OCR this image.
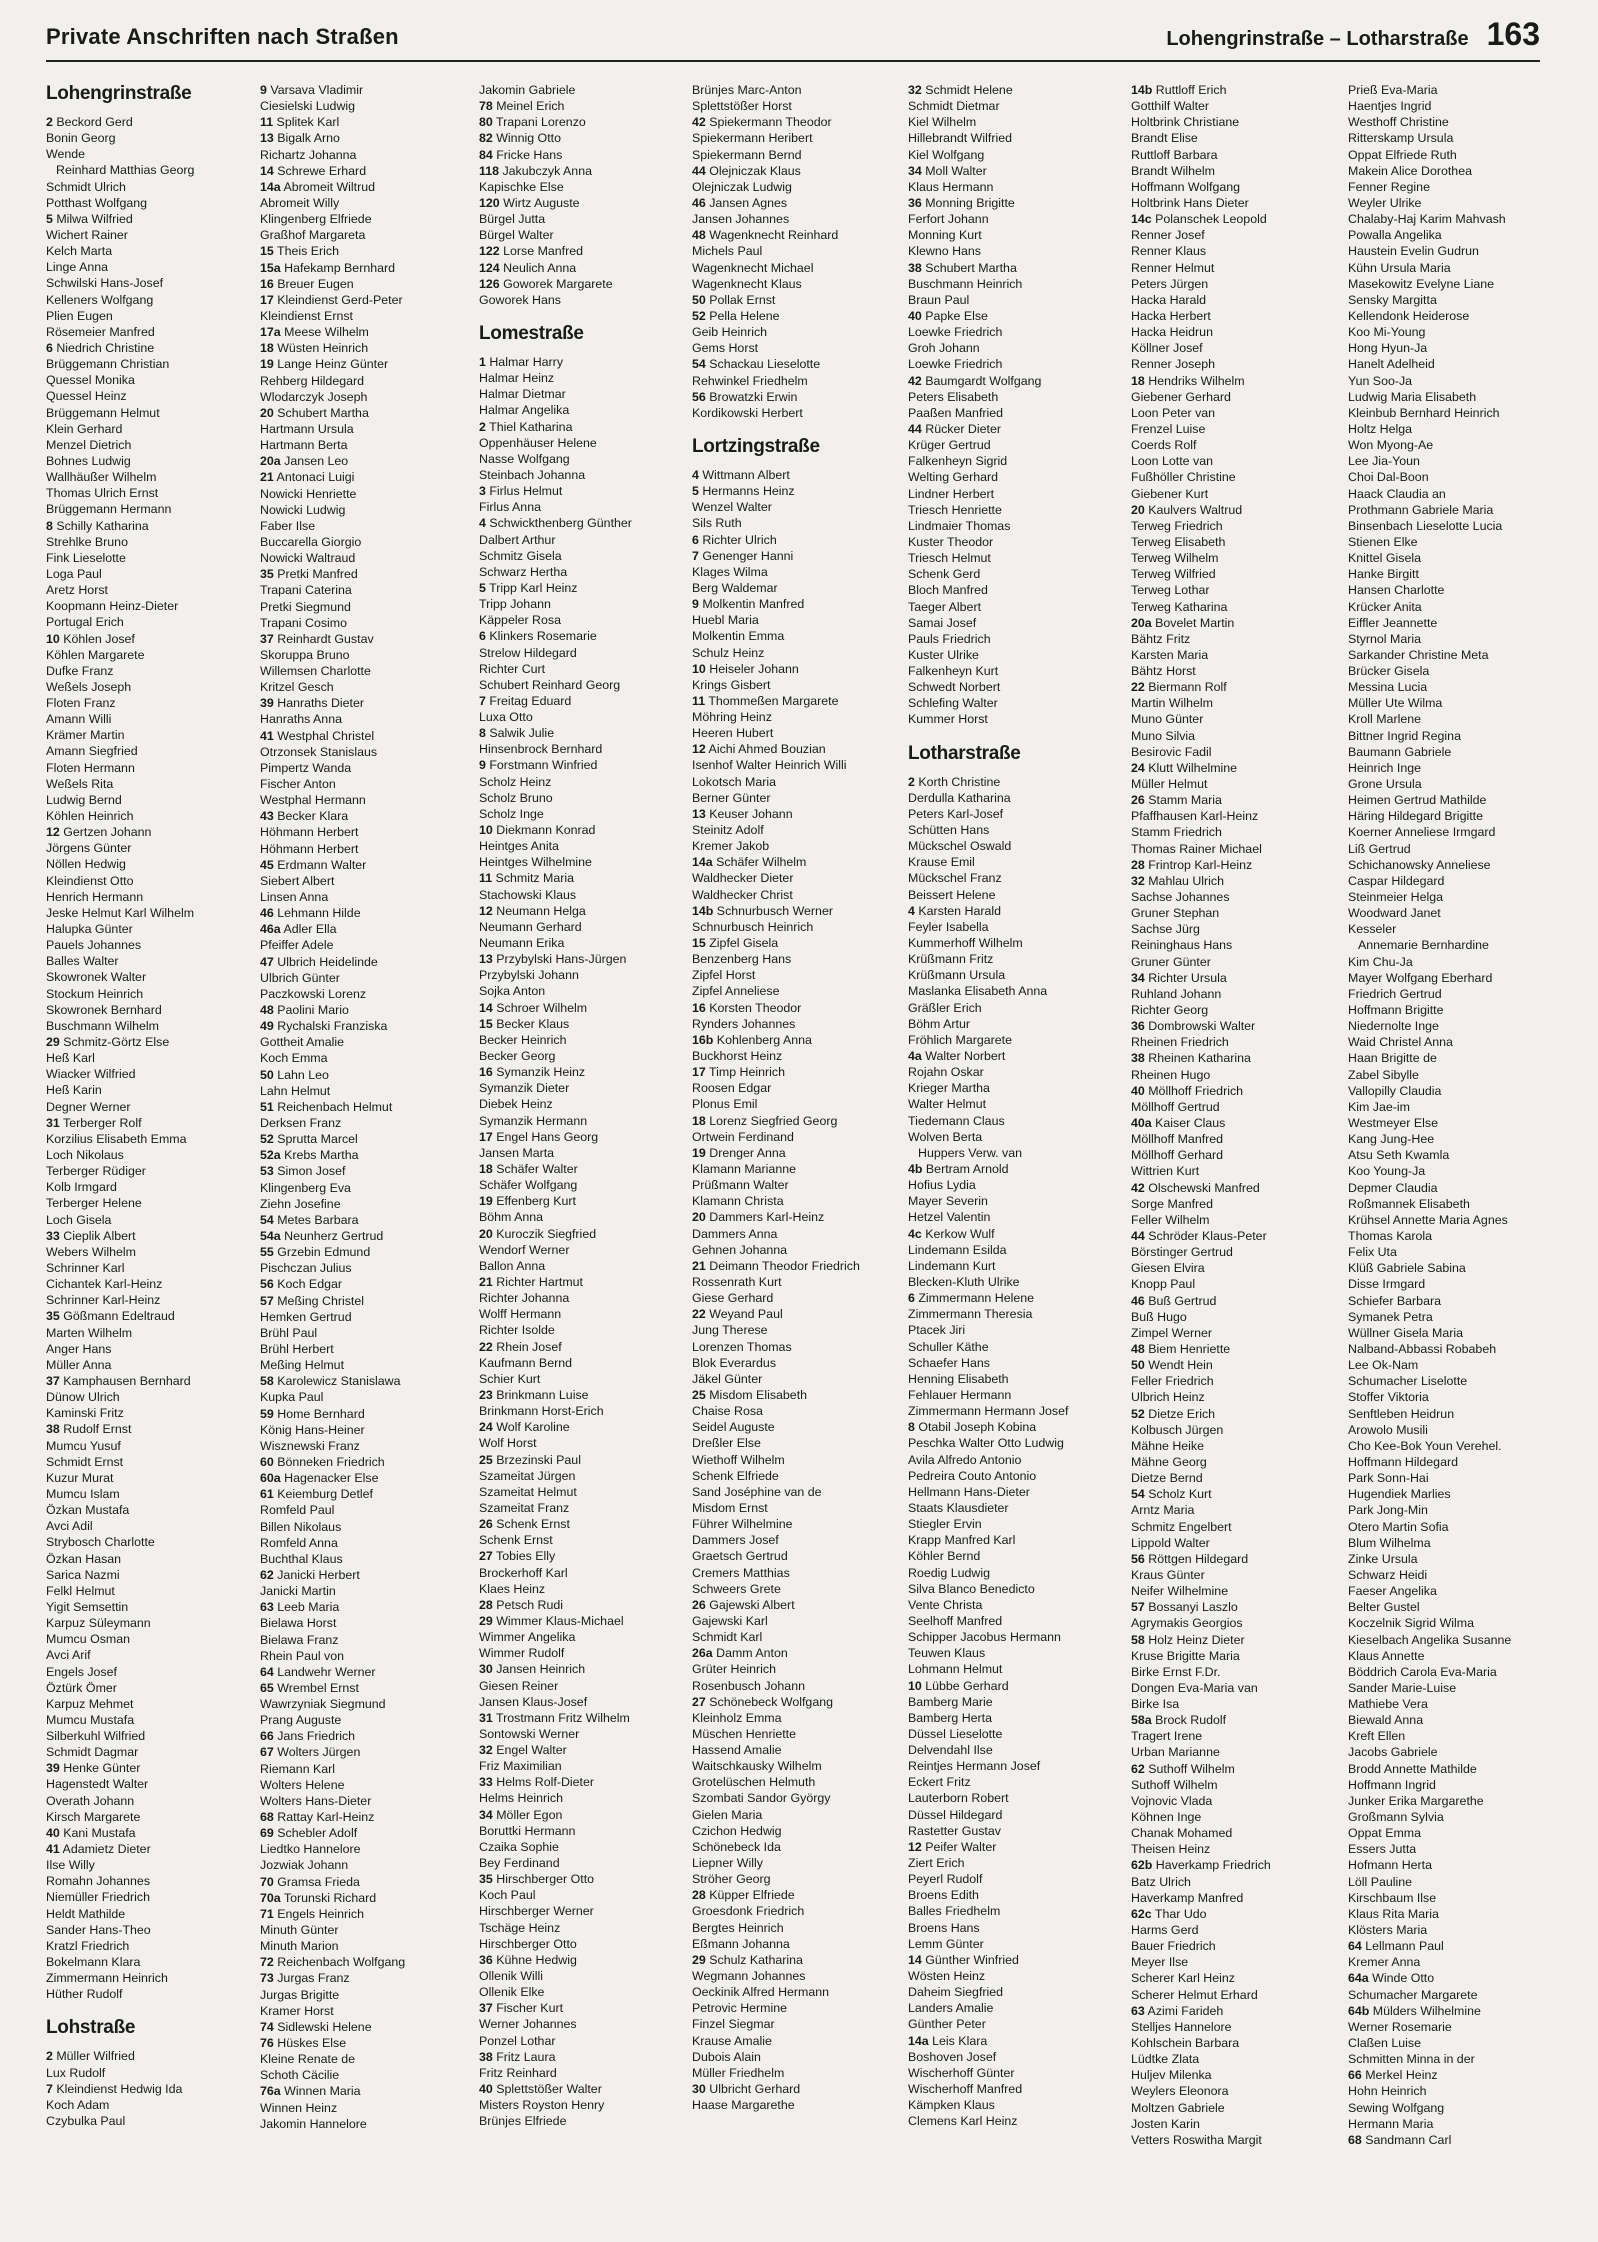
Private Anschriften nach Straßen	Lohengrinstraße – Lotharstraße 163
Lohengrinstraße
2 Beckord Gerd
Bonin Georg
Wende
Reinhard Matthias Georg
Schmidt Ulrich
Potthast Wolfgang
5 Milwa Wilfried
Wichert Rainer
Kelch Marta
Linge Anna
Schwilski Hans-Josef
Kelleners Wolfgang
Plien Eugen
Rösemeier Manfred
6 Niedrich Christine
Brüggemann Christian
Quessel Monika
Quessel Heinz
Brüggemann Helmut
Klein Gerhard
Menzel Dietrich
Bohnes Ludwig
Wallhäußer Wilhelm
Thomas Ulrich Ernst
Brüggemann Hermann
8 Schilly Katharina
Strehlke Bruno
Fink Lieselotte
Loga Paul
Aretz Horst
Koopmann Heinz-Dieter
Portugal Erich
10 Köhlen Josef
Köhlen Margarete
Dufke Franz
Weßels Joseph
Floten Franz
Amann Willi
Krämer Martin
Amann Siegfried
Floten Hermann
Weßels Rita
Ludwig Bernd
Köhlen Heinrich
12 Gertzen Johann
Jörgens Günter
Nöllen Hedwig
Kleindienst Otto
Henrich Hermann
Jeske Helmut Karl Wilhelm
Halupka Günter
Pauels Johannes
Balles Walter
Skowronek Walter
Stockum Heinrich
Skowronek Bernhard
Buschmann Wilhelm
29 Schmitz-Görtz Else
Heß Karl
Wiacker Wilfried
Heß Karin
Degner Werner
31 Terberger Rolf
Korzilius Elisabeth Emma
Loch Nikolaus
Terberger Rüdiger
Kolb Irmgard
Terberger Helene
Loch Gisela
33 Cieplik Albert
Webers Wilhelm
Schrinner Karl
Cichantek Karl-Heinz
Schrinner Karl-Heinz
35 Gößmann Edeltraud
Marten Wilhelm
Anger Hans
Müller Anna
37 Kamphausen Bernhard
Dünow Ulrich
Kaminski Fritz
38 Rudolf Ernst
Mumcu Yusuf
Schmidt Ernst
Kuzur Murat
Mumcu Islam
Özkan Mustafa
Avci Adil
Strybosch Charlotte
Özkan Hasan
Sarica Nazmi
Felkl Helmut
Yigit Semsettin
Karpuz Süleymann
Mumcu Osman
Avci Arif
Engels Josef
Öztürk Ömer
Karpuz Mehmet
Mumcu Mustafa
Silberkuhl Wilfried
Schmidt Dagmar
39 Henke Günter
Hagenstedt Walter
Overath Johann
Kirsch Margarete
40 Kani Mustafa
41 Adamietz Dieter
Ilse Willy
Romahn Johannes
Niemüller Friedrich
Heldt Mathilde
Sander Hans-Theo
Kratzl Friedrich
Bokelmann Klara
Zimmermann Heinrich
Hüther Rudolf
Lohstraße
2 Müller Wilfried
Lux Rudolf
7 Kleindienst Hedwig Ida
Koch Adam
Czybulka Paul
9 Varsava Vladimir
Ciesielski Ludwig
11 Splitek Karl
13 Bigalk Arno
Richartz Johanna
14 Schrewe Erhard
14a Abromeit Wiltrud
Abromeit Willy
Klingenberg Elfriede
Graßhof Margareta
15 Theis Erich
15a Hafekamp Bernhard
16 Breuer Eugen
17 Kleindienst Gerd-Peter
Kleindienst Ernst
17a Meese Wilhelm
18 Wüsten Heinrich
19 Lange Heinz Günter
Rehberg Hildegard
Wlodarczyk Joseph
20 Schubert Martha
Hartmann Ursula
Hartmann Berta
20a Jansen Leo
21 Antonaci Luigi
Nowicki Henriette
Nowicki Ludwig
Faber Ilse
Buccarella Giorgio
Nowicki Waltraud
35 Pretki Manfred
Trapani Caterina
Pretki Siegmund
Trapani Cosimo
37 Reinhardt Gustav
Skoruppa Bruno
Willemsen Charlotte
Kritzel Gesch
39 Hanraths Dieter
Hanraths Anna
41 Westphal Christel
Otrzonsek Stanislaus
Pimpertz Wanda
Fischer Anton
Westphal Hermann
43 Becker Klara
Höhmann Herbert
Höhmann Herbert
45 Erdmann Walter
Siebert Albert
Linsen Anna
46 Lehmann Hilde
46a Adler Ella
Pfeiffer Adele
47 Ulbrich Heidelinde
Ulbrich Günter
Paczkowski Lorenz
48 Paolini Mario
49 Rychalski Franziska
Gottheit Amalie
Koch Emma
50 Lahn Leo
Lahn Helmut
51 Reichenbach Helmut
Derksen Franz
52 Sprutta Marcel
52a Krebs Martha
53 Simon Josef
Klingenberg Eva
Ziehn Josefine
54 Metes Barbara
54a Neunherz Gertrud
55 Grzebin Edmund
Pischczan Julius
56 Koch Edgar
57 Meßing Christel
Hemken Gertrud
Brühl Paul
Brühl Herbert
Meßing Helmut
58 Karolewicz Stanislawa
Kupka Paul
59 Home Bernhard
König Hans-Heiner
Wisznewski Franz
60 Bönneken Friedrich
60a Hagenacker Else
61 Keiemburg Detlef
Romfeld Paul
Billen Nikolaus
Romfeld Anna
Buchthal Klaus
62 Janicki Herbert
Janicki Martin
63 Leeb Maria
Bielawa Horst
Bielawa Franz
Rhein Paul von
64 Landwehr Werner
65 Wrembel Ernst
Wawrzyniak Siegmund
Prang Auguste
66 Jans Friedrich
67 Wolters Jürgen
Riemann Karl
Wolters Helene
Wolters Hans-Dieter
68 Rattay Karl-Heinz
69 Schebler Adolf
Liedtko Hannelore
Jozwiak Johann
70 Gramsa Frieda
70a Torunski Richard
71 Engels Heinrich
Minuth Günter
Minuth Marion
72 Reichenbach Wolfgang
73 Jurgas Franz
Jurgas Brigitte
Kramer Horst
74 Sidlewski Helene
76 Hüskes Else
Kleine Renate de
Schoth Cäcilie
76a Winnen Maria
Winnen Heinz
Jakomin Hannelore
Jakomin Gabriele
78 Meinel Erich
80 Trapani Lorenzo
82 Winnig Otto
84 Fricke Hans
118 Jakubczyk Anna
Kapischke Else
120 Wirtz Auguste
Bürgel Jutta
Bürgel Walter
122 Lorse Manfred
124 Neulich Anna
126 Goworek Margarete
Goworek Hans
Lomestraße
1 Halmar Harry
Halmar Heinz
Halmar Dietmar
Halmar Angelika
2 Thiel Katharina
Oppenhäuser Helene
Nasse Wolfgang
Steinbach Johanna
3 Firlus Helmut
Firlus Anna
4 Schwickthenberg Günther
Dalbert Arthur
Schmitz Gisela
Schwarz Hertha
5 Tripp Karl Heinz
Tripp Johann
Käppeler Rosa
6 Klinkers Rosemarie
Strelow Hildegard
Richter Curt
Schubert Reinhard Georg
7 Freitag Eduard
Luxa Otto
8 Salwik Julie
Hinsenbrock Bernhard
9 Forstmann Winfried
Scholz Heinz
Scholz Bruno
Scholz Inge
10 Diekmann Konrad
Heintges Anita
Heintges Wilhelmine
11 Schmitz Maria
Stachowski Klaus
12 Neumann Helga
Neumann Gerhard
Neumann Erika
13 Przybylski Hans-Jürgen
Przybylski Johann
Sojka Anton
14 Schroer Wilhelm
15 Becker Klaus
Becker Heinrich
Becker Georg
16 Symanzik Heinz
Symanzik Dieter
Diebek Heinz
Symanzik Hermann
17 Engel Hans Georg
Jansen Marta
18 Schäfer Walter
Schäfer Wolfgang
19 Effenberg Kurt
Böhm Anna
20 Kuroczik Siegfried
Wendorf Werner
Ballon Anna
21 Richter Hartmut
Richter Johanna
Wolff Hermann
Richter Isolde
22 Rhein Josef
Kaufmann Bernd
Schier Kurt
23 Brinkmann Luise
Brinkmann Horst-Erich
24 Wolf Karoline
Wolf Horst
25 Brzezinski Paul
Szameitat Jürgen
Szameitat Helmut
Szameitat Franz
26 Schenk Ernst
Schenk Ernst
27 Tobies Elly
Brockerhoff Karl
Klaes Heinz
28 Petsch Rudi
29 Wimmer Klaus-Michael
Wimmer Angelika
Wimmer Rudolf
30 Jansen Heinrich
Giesen Reiner
Jansen Klaus-Josef
31 Trostmann Fritz Wilhelm
Sontowski Werner
32 Engel Walter
Friz Maximilian
33 Helms Rolf-Dieter
Helms Heinrich
34 Möller Egon
Boruttki Hermann
Czaika Sophie
Bey Ferdinand
35 Hirschberger Otto
Koch Paul
Hirschberger Werner
Tschäge Heinz
Hirschberger Otto
36 Kühne Hedwig
Ollenik Willi
Ollenik Elke
37 Fischer Kurt
Werner Johannes
Ponzel Lothar
38 Fritz Laura
Fritz Reinhard
40 Splettstößer Walter
Misters Royston Henry
Brünjes Elfriede
Brünjes Marc-Anton
Splettstößer Horst
42 Spiekermann Theodor
Spiekermann Heribert
Spiekermann Bernd
44 Olejniczak Klaus
Olejniczak Ludwig
46 Jansen Agnes
Jansen Johannes
48 Wagenknecht Reinhard
Michels Paul
Wagenknecht Michael
Wagenknecht Klaus
50 Pollak Ernst
52 Pella Helene
Geib Heinrich
Gems Horst
54 Schackau Lieselotte
Rehwinkel Friedhelm
56 Browatzki Erwin
Kordikowski Herbert
Lortzingstraße
4 Wittmann Albert
5 Hermanns Heinz
Wenzel Walter
Sils Ruth
6 Richter Ulrich
7 Genenger Hanni
Klages Wilma
Berg Waldemar
9 Molkentin Manfred
Huebl Maria
Molkentin Emma
Schulz Heinz
10 Heiseler Johann
Krings Gisbert
11 Thommeßen Margarete
Möhring Heinz
Heeren Hubert
12 Aichi Ahmed Bouzian
Isenhof Walter Heinrich Willi
Lokotsch Maria
Berner Günter
13 Keuser Johann
Steinitz Adolf
Kremer Jakob
14a Schäfer Wilhelm
Waldhecker Dieter
Waldhecker Christ
14b Schnurbusch Werner
Schnurbusch Heinrich
15 Zipfel Gisela
Benzenberg Hans
Zipfel Horst
Zipfel Anneliese
16 Korsten Theodor
Rynders Johannes
16b Kohlenberg Anna
Buckhorst Heinz
17 Timp Heinrich
Roosen Edgar
Plonus Emil
18 Lorenz Siegfried Georg
Ortwein Ferdinand
19 Drenger Anna
Klamann Marianne
Prüßmann Walter
Klamann Christa
20 Dammers Karl-Heinz
Dammers Anna
Gehnen Johanna
21 Deimann Theodor Friedrich
Rossenrath Kurt
Giese Gerhard
22 Weyand Paul
Jung Therese
Lorenzen Thomas
Blok Everardus
Jäkel Günter
25 Misdom Elisabeth
Chaise Rosa
Seidel Auguste
Dreßler Else
Wiethoff Wilhelm
Schenk Elfriede
Sand Joséphine van de
Misdom Ernst
Führer Wilhelmine
Dammers Josef
Graetsch Gertrud
Cremers Matthias
Schweers Grete
26 Gajewski Albert
Gajewski Karl
Schmidt Karl
26a Damm Anton
Grüter Heinrich
Rosenbusch Johann
27 Schönebeck Wolfgang
Kleinholz Emma
Müschen Henriette
Hassend Amalie
Waitschkausky Wilhelm
Grotelüschen Helmuth
Szombati Sandor György
Gielen Maria
Czichon Hedwig
Schönebeck Ida
Liepner Willy
Ströher Georg
28 Küpper Elfriede
Groesdonk Friedrich
Bergtes Heinrich
Eßmann Johanna
29 Schulz Katharina
Wegmann Johannes
Oeckinik Alfred Hermann
Petrovic Hermine
Finzel Siegmar
Krause Amalie
Dubois Alain
Müller Friedhelm
30 Ulbricht Gerhard
Haase Margarethe
32 Schmidt Helene
Schmidt Dietmar
Kiel Wilhelm
Hillebrandt Wilfried
Kiel Wolfgang
34 Moll Walter
Klaus Hermann
36 Monning Brigitte
Ferfort Johann
Monning Kurt
Klewno Hans
38 Schubert Martha
Buschmann Heinrich
Braun Paul
40 Papke Else
Loewke Friedrich
Groh Johann
Loewke Friedrich
42 Baumgardt Wolfgang
Peters Elisabeth
Paaßen Manfried
44 Rücker Dieter
Krüger Gertrud
Falkenheyn Sigrid
Welting Gerhard
Lindner Herbert
Triesch Henriette
Lindmaier Thomas
Kuster Theodor
Triesch Helmut
Schenk Gerd
Bloch Manfred
Taeger Albert
Samai Josef
Pauls Friedrich
Kuster Ulrike
Falkenheyn Kurt
Schwedt Norbert
Schlefing Walter
Kummer Horst
Lotharstraße
2 Korth Christine
Derdulla Katharina
Peters Karl-Josef
Schütten Hans
Mückschel Oswald
Krause Emil
Mückschel Franz
Beissert Helene
4 Karsten Harald
Feyler Isabella
Kummerhoff Wilhelm
Krüßmann Fritz
Krüßmann Ursula
Maslanka Elisabeth Anna
Gräßler Erich
Böhm Artur
Fröhlich Margarete
4a Walter Norbert
Rojahn Oskar
Krieger Martha
Walter Helmut
Tiedemann Claus
Wolven Berta
Huppers Verw. van
4b Bertram Arnold
Hofius Lydia
Mayer Severin
Hetzel Valentin
4c Kerkow Wulf
Lindemann Esilda
Lindemann Kurt
Blecken-Kluth Ulrike
6 Zimmermann Helene
Zimmermann Theresia
Ptacek Jiri
Schuller Käthe
Schaefer Hans
Henning Elisabeth
Fehlauer Hermann
Zimmermann Hermann Josef
8 Otabil Joseph Kobina
Peschka Walter Otto Ludwig
Avila Alfredo Antonio
Pedreira Couto Antonio
Hellmann Hans-Dieter
Staats Klausdieter
Stiegler Ervin
Krapp Manfred Karl
Köhler Bernd
Roedig Ludwig
Silva Blanco Benedicto
Vente Christa
Seelhoff Manfred
Schipper Jacobus Hermann
Teuwen Klaus
Lohmann Helmut
10 Lübbe Gerhard
Bamberg Marie
Bamberg Herta
Düssel Lieselotte
Delvendahl Ilse
Reintjes Hermann Josef
Eckert Fritz
Lauterborn Robert
Düssel Hildegard
Rastetter Gustav
12 Peifer Walter
Ziert Erich
Peyerl Rudolf
Broens Edith
Balles Friedhelm
Broens Hans
Lemm Günter
14 Günther Winfried
Wösten Heinz
Daheim Siegfried
Landers Amalie
Günther Peter
14a Leis Klara
Boshoven Josef
Wischerhoff Günter
Wischerhoff Manfred
Kämpken Klaus
Clemens Karl Heinz
14b Ruttloff Erich
Gotthilf Walter
Holtbrink Christiane
Brandt Elise
Ruttloff Barbara
Brandt Wilhelm
Hoffmann Wolfgang
Holtbrink Hans Dieter
14c Polanschek Leopold
Renner Josef
Renner Klaus
Renner Helmut
Peters Jürgen
Hacka Harald
Hacka Herbert
Hacka Heidrun
Köllner Josef
Renner Joseph
18 Hendriks Wilhelm
Giebener Gerhard
Loon Peter van
Frenzel Luise
Coerds Rolf
Loon Lotte van
Fußhöller Christine
Giebener Kurt
20 Kaulvers Waltrud
Terweg Friedrich
Terweg Elisabeth
Terweg Wilhelm
Terweg Wilfried
Terweg Lothar
Terweg Katharina
20a Bovelet Martin
Bähtz Fritz
Karsten Maria
Bähtz Horst
22 Biermann Rolf
Martin Wilhelm
Muno Günter
Muno Silvia
Besirovic Fadil
24 Klutt Wilhelmine
Müller Helmut
26 Stamm Maria
Pfaffhausen Karl-Heinz
Stamm Friedrich
Thomas Rainer Michael
28 Frintrop Karl-Heinz
32 Mahlau Ulrich
Sachse Johannes
Gruner Stephan
Sachse Jürg
Reininghaus Hans
Gruner Günter
34 Richter Ursula
Ruhland Johann
Richter Georg
36 Dombrowski Walter
Rheinen Friedrich
38 Rheinen Katharina
Rheinen Hugo
40 Möllhoff Friedrich
Möllhoff Gertrud
40a Kaiser Claus
Möllhoff Manfred
Möllhoff Gerhard
Wittrien Kurt
42 Olschewski Manfred
Sorge Manfred
Feller Wilhelm
44 Schröder Klaus-Peter
Börstinger Gertrud
Giesen Elvira
Knopp Paul
46 Buß Gertrud
Buß Hugo
Zimpel Werner
48 Biem Henriette
50 Wendt Hein
Feller Friedrich
Ulbrich Heinz
52 Dietze Erich
Kolbusch Jürgen
Mähne Heike
Mähne Georg
Dietze Bernd
54 Scholz Kurt
Arntz Maria
Schmitz Engelbert
Lippold Walter
56 Röttgen Hildegard
Kraus Günter
Neifer Wilhelmine
57 Bossanyi Laszlo
Agrymakis Georgios
58 Holz Heinz Dieter
Kruse Brigitte Maria
Birke Ernst F.Dr.
Dongen Eva-Maria van
Birke Isa
58a Brock Rudolf
Tragert Irene
Urban Marianne
62 Suthoff Wilhelm
Suthoff Wilhelm
Vojnovic Vlada
Köhnen Inge
Chanak Mohamed
Theisen Heinz
62b Haverkamp Friedrich
Batz Ulrich
Haverkamp Manfred
62c Thar Udo
Harms Gerd
Bauer Friedrich
Meyer Ilse
Scherer Karl Heinz
Scherer Helmut Erhard
63 Azimi Farideh
Stelljes Hannelore
Kohlschein Barbara
Lüdtke Zlata
Huljev Milenka
Weylers Eleonora
Moltzen Gabriele
Josten Karin
Vetters Roswitha Margit
Prieß Eva-Maria
Haentjes Ingrid
Westhoff Christine
Ritterskamp Ursula
Oppat Elfriede Ruth
Makein Alice Dorothea
Fenner Regine
Weyler Ulrike
Chalaby-Haj Karim Mahvash
Powalla Angelika
Haustein Evelin Gudrun
Kühn Ursula Maria
Masekowitz Evelyne Liane
Sensky Margitta
Kellendonk Heiderose
Koo Mi-Young
Hong Hyun-Ja
Hanelt Adelheid
Yun Soo-Ja
Ludwig Maria Elisabeth
Kleinbub Bernhard Heinrich
Holtz Helga
Won Myong-Ae
Lee Jia-Youn
Choi Dal-Boon
Haack Claudia an
Prothmann Gabriele Maria
Binsenbach Lieselotte Lucia
Stienen Elke
Knittel Gisela
Hanke Birgitt
Hansen Charlotte
Krücker Anita
Eiffler Jeannette
Styrnol Maria
Sarkander Christine Meta
Brücker Gisela
Messina Lucia
Müller Ute Wilma
Kroll Marlene
Bittner Ingrid Regina
Baumann Gabriele
Heinrich Inge
Grone Ursula
Heimen Gertrud Mathilde
Häring Hildegard Brigitte
Koerner Anneliese Irmgard
Liß Gertrud
Schichanowsky Anneliese
Caspar Hildegard
Steinmeier Helga
Woodward Janet
Kesseler
Annemarie Bernhardine
Kim Chu-Ja
Mayer Wolfgang Eberhard
Friedrich Gertrud
Hoffmann Brigitte
Niedernolte Inge
Waid Christel Anna
Haan Brigitte de
Zabel Sibylle
Vallopilly Claudia
Kim Jae-im
Westmeyer Else
Kang Jung-Hee
Atsu Seth Kwamla
Koo Young-Ja
Depmer Claudia
Roßmannek Elisabeth
Krühsel Annette Maria Agnes
Thomas Karola
Felix Uta
Klüß Gabriele Sabina
Disse Irmgard
Schiefer Barbara
Symanek Petra
Wüllner Gisela Maria
Nalband-Abbassi Robabeh
Lee Ok-Nam
Schumacher Liselotte
Stoffer Viktoria
Senftleben Heidrun
Arowolo Musili
Cho Kee-Bok Youn Verehel.
Hoffmann Hildegard
Park Sonn-Hai
Hugendiek Marlies
Park Jong-Min
Otero Martin Sofia
Blum Wilhelma
Zinke Ursula
Schwarz Heidi
Faeser Angelika
Belter Gustel
Koczelnik Sigrid Wilma
Kieselbach Angelika Susanne
Klaus Annette
Böddrich Carola Eva-Maria
Sander Marie-Luise
Mathiebe Vera
Biewald Anna
Kreft Ellen
Jacobs Gabriele
Brodd Annette Mathilde
Hoffmann Ingrid
Junker Erika Margarethe
Großmann Sylvia
Oppat Emma
Essers Jutta
Hofmann Herta
Löll Pauline
Kirschbaum Ilse
Klaus Rita Maria
Klösters Maria
64 Lellmann Paul
Kremer Anna
64a Winde Otto
Schumacher Margarete
64b Mülders Wilhelmine
Werner Rosemarie
Claßen Luise
Schmitten Minna in der
66 Merkel Heinz
Hohn Heinrich
Sewing Wolfgang
Hermann Maria
68 Sandmann Carl
